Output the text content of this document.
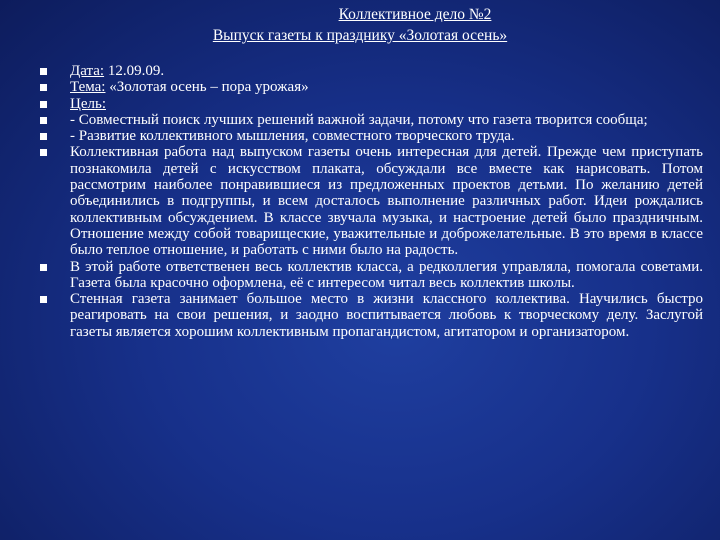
Коллективное дело №2
Выпуск газеты к празднику «Золотая осень»
Дата: 12.09.09.
Тема: «Золотая осень – пора урожая»
Цель:
- Совместный поиск лучших решений важной задачи, потому что газета творится сообща;
- Развитие коллективного мышления, совместного творческого труда.
Коллективная работа над выпуском газеты очень интересная для детей. Прежде чем приступать познакомила детей с искусством плаката, обсуждали все вместе как нарисовать. Потом рассмотрим наиболее понравившиеся из предложенных проектов детьми. По желанию детей объединились в подгруппы, и всем досталось выполнение различных работ. Идеи рождались коллективным обсуждением. В классе звучала музыка, и настроение детей было праздничным. Отношение между собой товарищеские, уважительные и доброжелательные. В это время в классе было теплое отношение, и работать с ними было на радость.
В этой работе ответственен весь коллектив класса, а редколлегия управляла, помогала советами. Газета была красочно оформлена, её с интересом читал весь коллектив школы.
Стенная газета занимает большое место в жизни классного коллектива. Научились быстро реагировать на свои решения, и заодно воспитывается любовь к творческому делу. Заслугой газеты является хорошим коллективным пропагандистом, агитатором и организатором.
